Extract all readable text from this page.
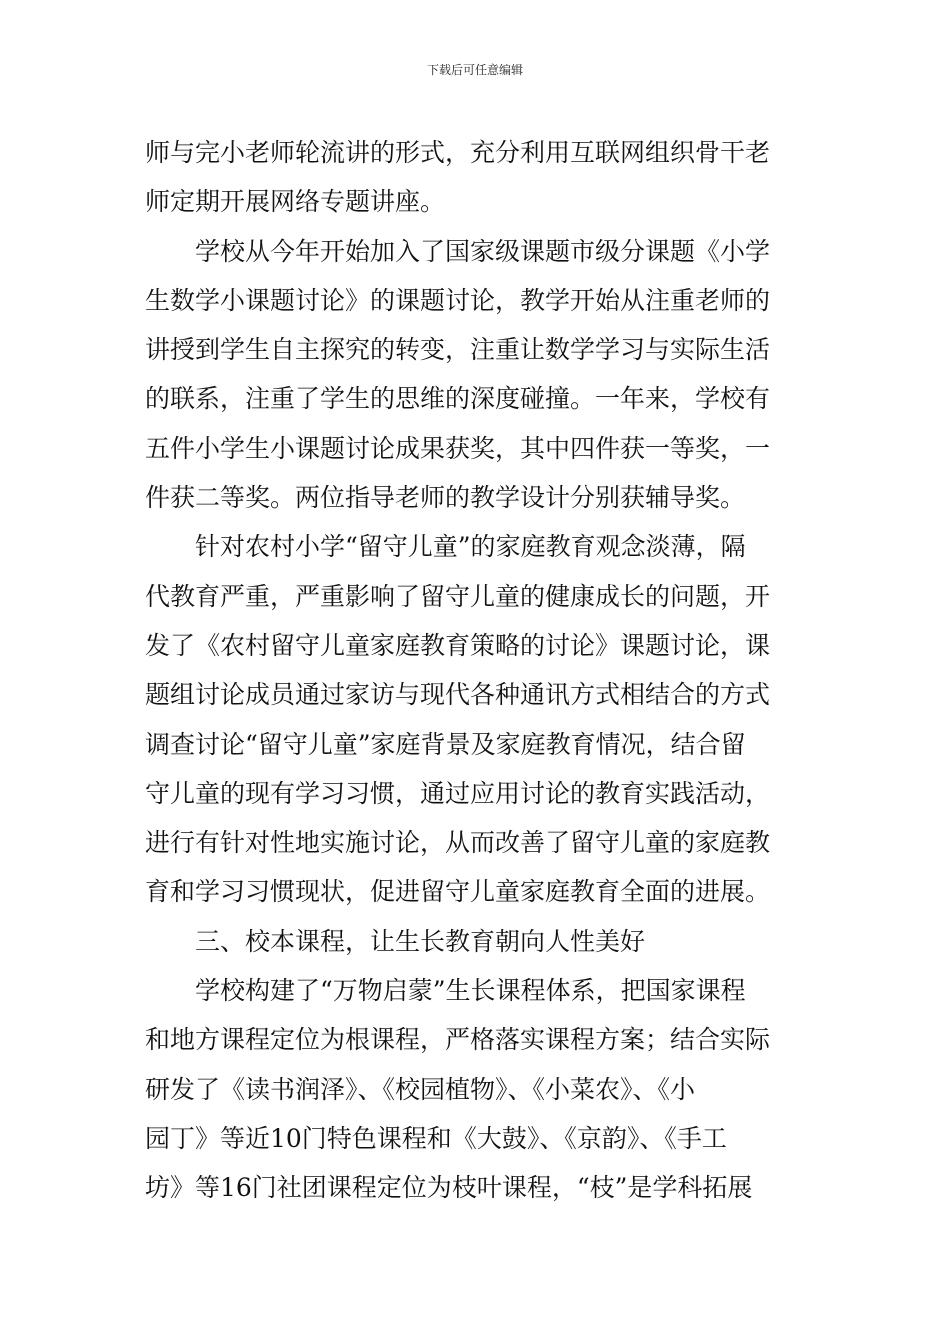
下载后可任意编辑

师与完小老师轮流讲的形式，充分利用互联网组织骨干老
师定期开展网络专题讲座。

学校从今年开始加入了国家级课题市级分课题《小学
生数学小课题讨论》的课题讨论，教学开始从注重老师的
讲授到学生自主探究的转变，注重让数学学习与实际生活
的联系，注重了学生的思维的深度碰撞。一年来，学校有
五件小学生小课题讨论成果获奖，其中四件获一等奖，一
件获二等奖。两位指导老师的教学设计分别获辅导奖。

针对农村小学“留守儿童”的家庭教育观念淡薄，隔
代教育严重，严重影响了留守儿童的健康成长的问题，开
发了《农村留守儿童家庭教育策略的讨论》课题讨论，课
题组讨论成员通过家访与现代各种通讯方式相结合的方式
调查讨论“留守儿童”家庭背景及家庭教育情况，结合留
守儿童的现有学习习惯，通过应用讨论的教育实践活动，
进行有针对性地实施讨论，从而改善了留守儿童的家庭教
育和学习习惯现状，促进留守儿童家庭教育全面的进展。

三、校本课程，让生长教育朝向人性美好

学校构建了“万物启蒙”生长课程体系，把国家课程
和地方课程定位为根课程，严格落实课程方案；结合实际
研发了《读书润泽》、《校园植物》、《小菜农》、《小
园丁》等近10门特色课程和《大鼓》、《京韵》、《手工
坊》等16门社团课程定位为枝叶课程，“枝”是学科拓展
